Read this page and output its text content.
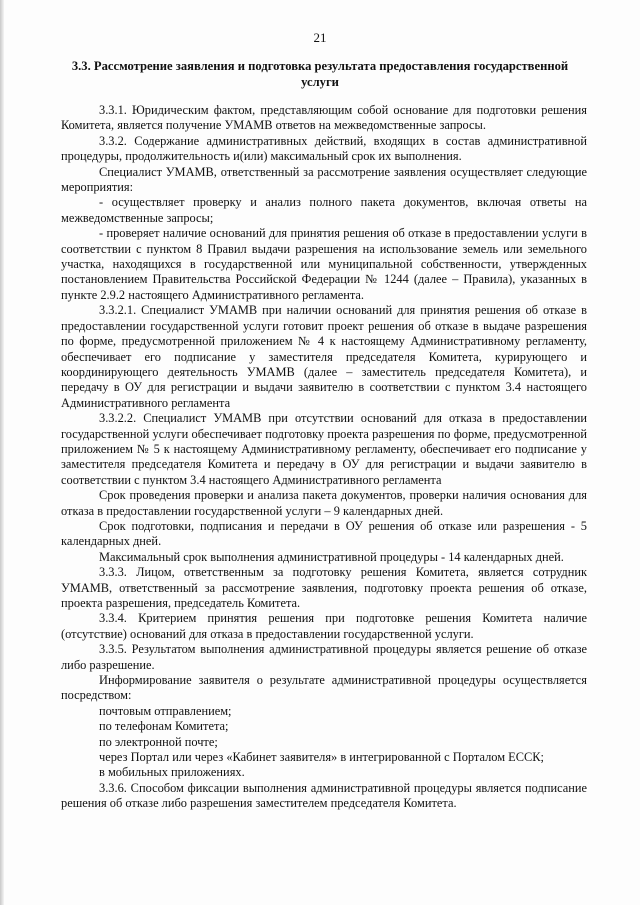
21
3.3. Рассмотрение заявления и подготовка результата предоставления государственной услуги

3.3.1. Юридическим фактом, представляющим собой основание для подготовки решения Комитета, является получение УМАМВ ответов на межведомственные запросы.

3.3.2. Содержание административных действий, входящих в состав административной процедуры, продолжительность и(или) максимальный срок их выполнения.

Специалист УМАМВ, ответственный за рассмотрение заявления осуществляет следующие мероприятия:

- осуществляет проверку и анализ полного пакета документов, включая ответы на межведомственные запросы;

- проверяет наличие оснований для принятия решения об отказе в предоставлении услуги в соответствии с пунктом 8 Правил выдачи разрешения на использование земель или земельного участка, находящихся в государственной или муниципальной собственности, утвержденных постановлением Правительства Российской Федерации № 1244 (далее – Правила), указанных в пункте 2.9.2 настоящего Административного регламента.

3.3.2.1. Специалист УМАМВ при наличии оснований для принятия решения об отказе в предоставлении государственной услуги готовит проект решения об отказе в выдаче разрешения по форме, предусмотренной приложением № 4 к настоящему Административному регламенту, обеспечивает его подписание у заместителя председателя Комитета, курирующего и координирующего деятельность УМАМВ (далее – заместитель председателя Комитета), и передачу в ОУ для регистрации и выдачи заявителю в соответствии с пунктом 3.4 настоящего Административного регламента

3.3.2.2. Специалист УМАМВ при отсутствии оснований для отказа в предоставлении государственной услуги обеспечивает подготовку проекта разрешения по форме, предусмотренной приложением № 5 к настоящему Административному регламенту, обеспечивает его подписание у заместителя председателя Комитета и передачу в ОУ для регистрации и выдачи заявителю в соответствии с пунктом 3.4 настоящего Административного регламента

Срок проведения проверки и анализа пакета документов, проверки наличия основания для отказа в предоставлении государственной услуги – 9 календарных дней.

Срок подготовки, подписания и передачи в ОУ решения об отказе или разрешения - 5 календарных дней.

Максимальный срок выполнения административной процедуры - 14 календарных дней.

3.3.3. Лицом, ответственным за подготовку решения Комитета, является сотрудник УМАМВ, ответственный за рассмотрение заявления, подготовку проекта решения об отказе, проекта разрешения, председатель Комитета.

3.3.4. Критерием принятия решения при подготовке решения Комитета наличие (отсутствие) оснований для отказа в предоставлении государственной услуги.

3.3.5. Результатом выполнения административной процедуры является решение об отказе либо разрешение.

Информирование заявителя о результате административной процедуры осуществляется посредством:

почтовым отправлением;

по телефонам Комитета;

по электронной почте;

через Портал или через «Кабинет заявителя» в интегрированной с Порталом ЕССК;

в мобильных приложениях.

3.3.6. Способом фиксации выполнения административной процедуры является подписание решения об отказе либо разрешения заместителем председателя Комитета.
